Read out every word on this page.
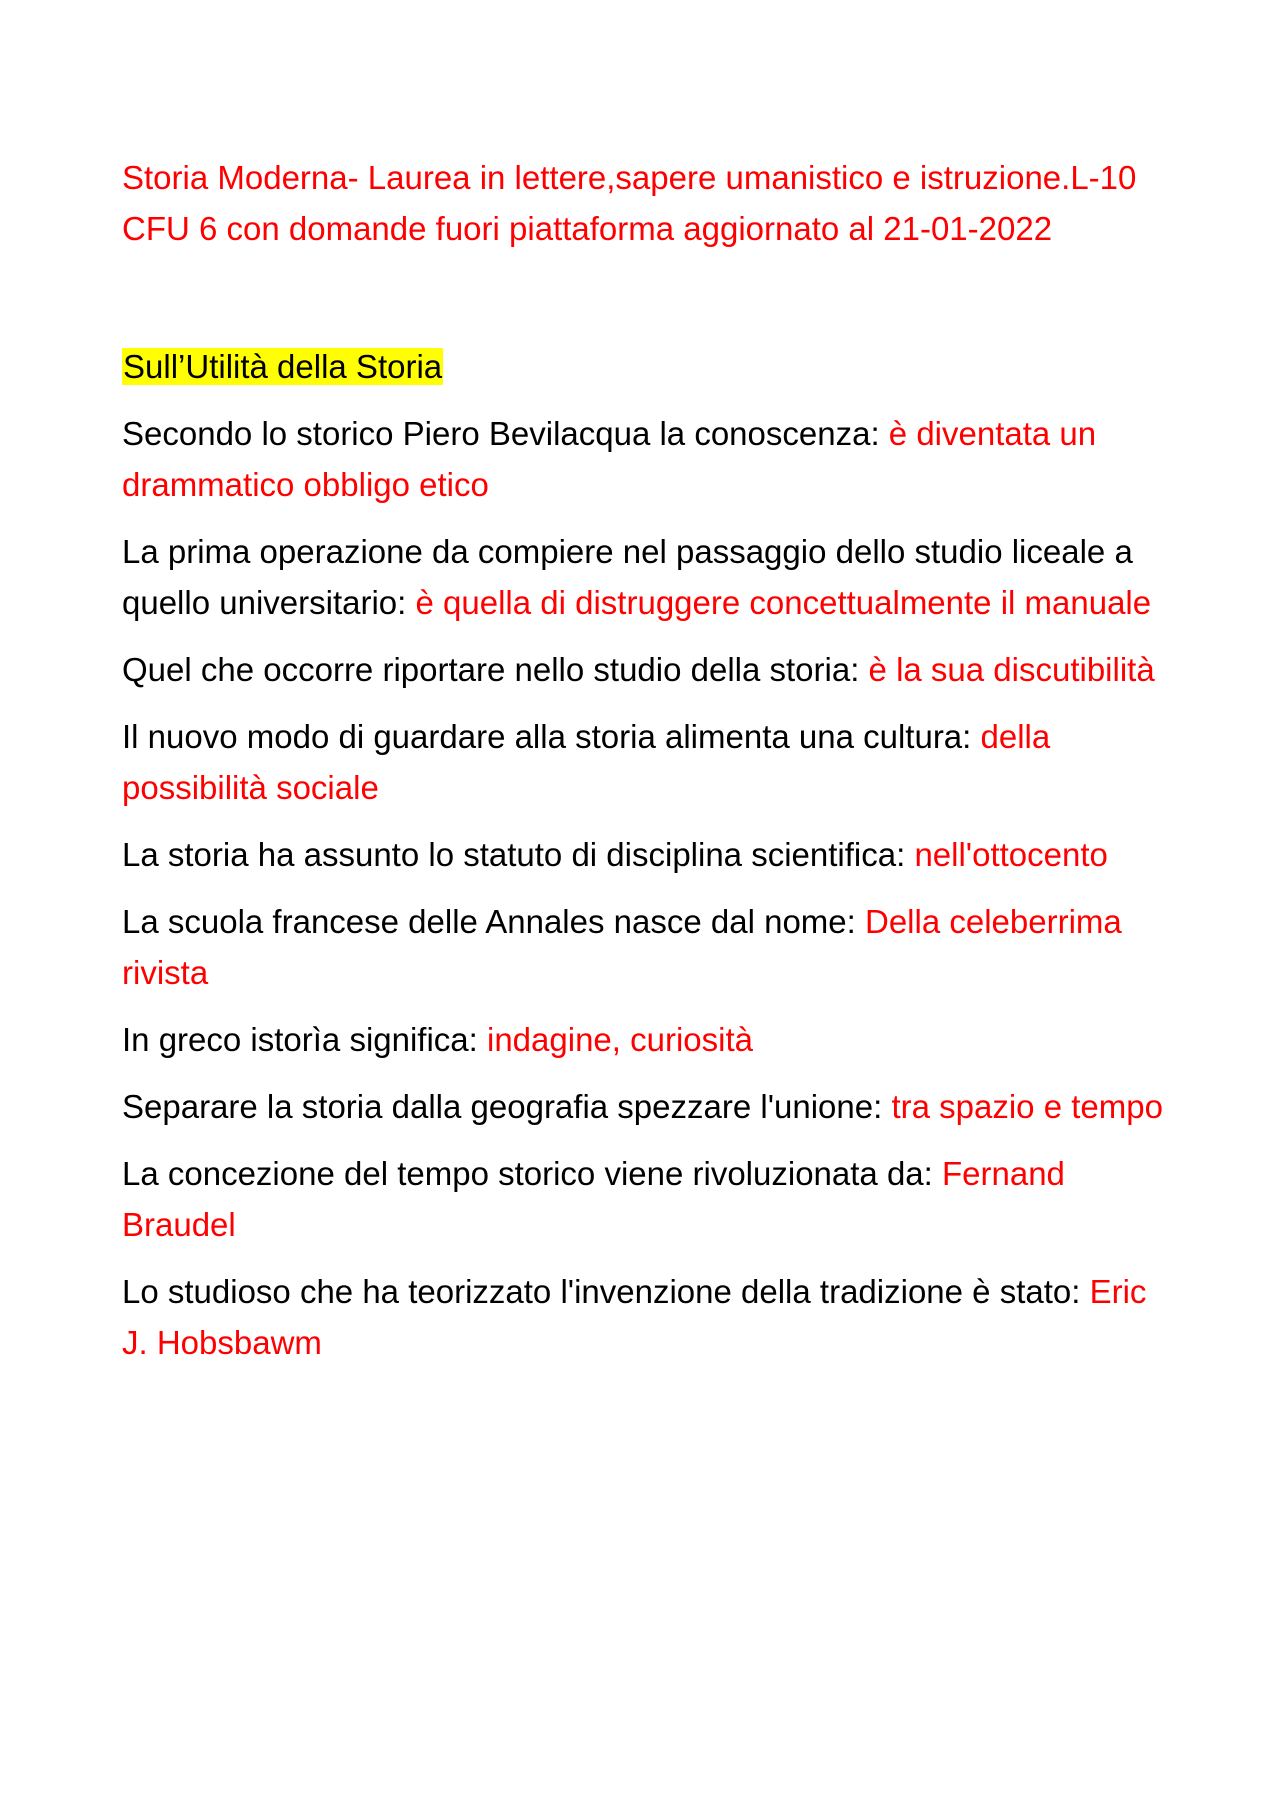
Storia Moderna- Laurea in lettere,sapere umanistico e istruzione.L-10 CFU 6 con domande fuori piattaforma aggiornato al 21-01-2022

Sull’Utilità della Storia
Secondo lo storico Piero Bevilacqua la conoscenza: è diventata un drammatico obbligo etico
La prima operazione da compiere nel passaggio dello studio liceale a quello universitario: è quella di distruggere concettualmente il manuale
Quel che occorre riportare nello studio della storia: è la sua discutibilità
Il nuovo modo di guardare alla storia alimenta una cultura: della possibilità sociale
La storia ha assunto lo statuto di disciplina scientifica: nell'ottocento
La scuola francese delle Annales nasce dal nome: Della celeberrima rivista
In greco istorìa significa: indagine, curiosità
Separare la storia dalla geografia spezzare l'unione: tra spazio e tempo
La concezione del tempo storico viene rivoluzionata da: Fernand Braudel
Lo studioso che ha teorizzato l'invenzione della tradizione è stato: Eric J. Hobsbawm
